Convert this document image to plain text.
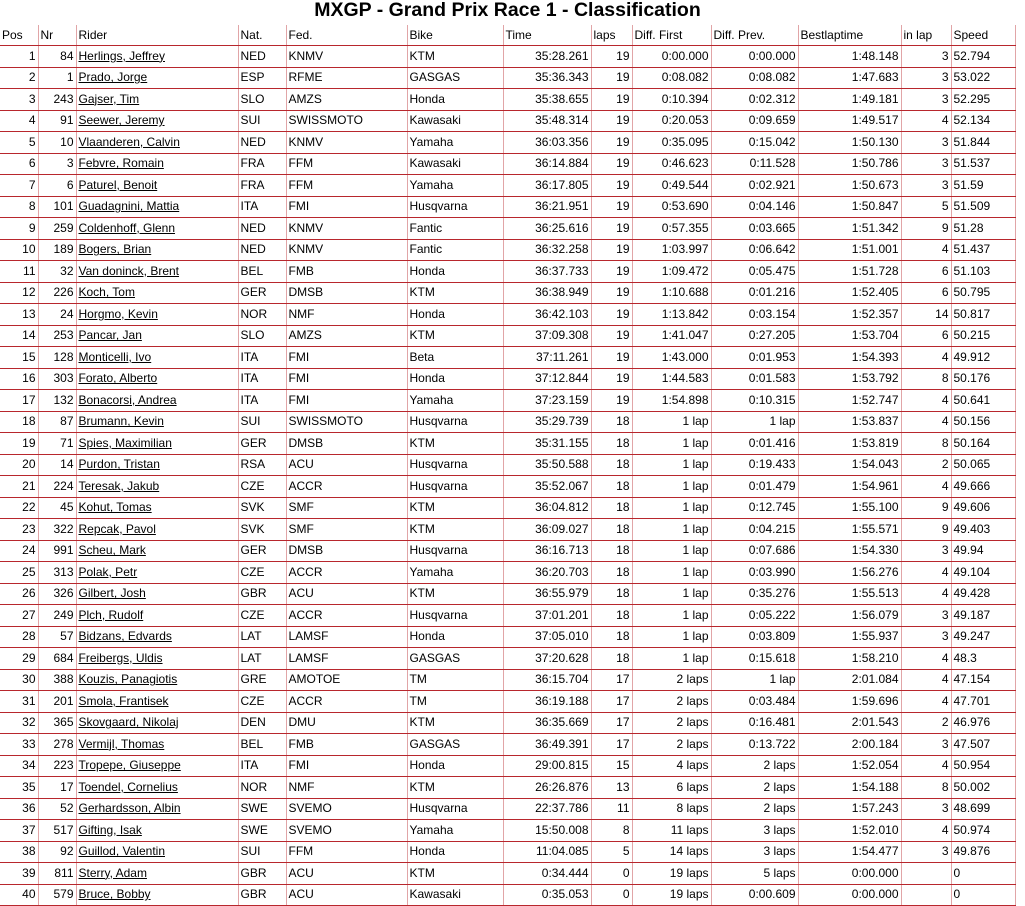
MXGP - Grand Prix Race 1 - Classification
Pos	Nr	Rider	Nat.	Fed.	Bike	Time	laps	Diff. First	Diff. Prev.	Bestlaptime	in lap	Speed
1	84	Herlings, Jeffrey	NED	KNMV	KTM	35:28.261	19	0:00.000	0:00.000	1:48.148	3	52.794
2	1	Prado, Jorge	ESP	RFME	GASGAS	35:36.343	19	0:08.082	0:08.082	1:47.683	3	53.022
3	243	Gajser, Tim	SLO	AMZS	Honda	35:38.655	19	0:10.394	0:02.312	1:49.181	3	52.295
4	91	Seewer, Jeremy	SUI	SWISSMOTO	Kawasaki	35:48.314	19	0:20.053	0:09.659	1:49.517	4	52.134
5	10	Vlaanderen, Calvin	NED	KNMV	Yamaha	36:03.356	19	0:35.095	0:15.042	1:50.130	3	51.844
6	3	Febvre, Romain	FRA	FFM	Kawasaki	36:14.884	19	0:46.623	0:11.528	1:50.786	3	51.537
7	6	Paturel, Benoit	FRA	FFM	Yamaha	36:17.805	19	0:49.544	0:02.921	1:50.673	3	51.59
8	101	Guadagnini, Mattia	ITA	FMI	Husqvarna	36:21.951	19	0:53.690	0:04.146	1:50.847	5	51.509
9	259	Coldenhoff, Glenn	NED	KNMV	Fantic	36:25.616	19	0:57.355	0:03.665	1:51.342	9	51.28
10	189	Bogers, Brian	NED	KNMV	Fantic	36:32.258	19	1:03.997	0:06.642	1:51.001	4	51.437
11	32	Van doninck, Brent	BEL	FMB	Honda	36:37.733	19	1:09.472	0:05.475	1:51.728	6	51.103
12	226	Koch, Tom	GER	DMSB	KTM	36:38.949	19	1:10.688	0:01.216	1:52.405	6	50.795
13	24	Horgmo, Kevin	NOR	NMF	Honda	36:42.103	19	1:13.842	0:03.154	1:52.357	14	50.817
14	253	Pancar, Jan	SLO	AMZS	KTM	37:09.308	19	1:41.047	0:27.205	1:53.704	6	50.215
15	128	Monticelli, Ivo	ITA	FMI	Beta	37:11.261	19	1:43.000	0:01.953	1:54.393	4	49.912
16	303	Forato, Alberto	ITA	FMI	Honda	37:12.844	19	1:44.583	0:01.583	1:53.792	8	50.176
17	132	Bonacorsi, Andrea	ITA	FMI	Yamaha	37:23.159	19	1:54.898	0:10.315	1:52.747	4	50.641
18	87	Brumann, Kevin	SUI	SWISSMOTO	Husqvarna	35:29.739	18	1 lap	1 lap	1:53.837	4	50.156
19	71	Spies, Maximilian	GER	DMSB	KTM	35:31.155	18	1 lap	0:01.416	1:53.819	8	50.164
20	14	Purdon, Tristan	RSA	ACU	Husqvarna	35:50.588	18	1 lap	0:19.433	1:54.043	2	50.065
21	224	Teresak, Jakub	CZE	ACCR	Husqvarna	35:52.067	18	1 lap	0:01.479	1:54.961	4	49.666
22	45	Kohut, Tomas	SVK	SMF	KTM	36:04.812	18	1 lap	0:12.745	1:55.100	9	49.606
23	322	Repcak, Pavol	SVK	SMF	KTM	36:09.027	18	1 lap	0:04.215	1:55.571	9	49.403
24	991	Scheu, Mark	GER	DMSB	Husqvarna	36:16.713	18	1 lap	0:07.686	1:54.330	3	49.94
25	313	Polak, Petr	CZE	ACCR	Yamaha	36:20.703	18	1 lap	0:03.990	1:56.276	4	49.104
26	326	Gilbert, Josh	GBR	ACU	KTM	36:55.979	18	1 lap	0:35.276	1:55.513	4	49.428
27	249	Plch, Rudolf	CZE	ACCR	Husqvarna	37:01.201	18	1 lap	0:05.222	1:56.079	3	49.187
28	57	Bidzans, Edvards	LAT	LAMSF	Honda	37:05.010	18	1 lap	0:03.809	1:55.937	3	49.247
29	684	Freibergs, Uldis	LAT	LAMSF	GASGAS	37:20.628	18	1 lap	0:15.618	1:58.210	4	48.3
30	388	Kouzis, Panagiotis	GRE	AMOTOE	TM	36:15.704	17	2 laps	1 lap	2:01.084	4	47.154
31	201	Smola, Frantisek	CZE	ACCR	TM	36:19.188	17	2 laps	0:03.484	1:59.696	4	47.701
32	365	Skovgaard, Nikolaj	DEN	DMU	KTM	36:35.669	17	2 laps	0:16.481	2:01.543	2	46.976
33	278	Vermijl, Thomas	BEL	FMB	GASGAS	36:49.391	17	2 laps	0:13.722	2:00.184	3	47.507
34	223	Tropepe, Giuseppe	ITA	FMI	Honda	29:00.815	15	4 laps	2 laps	1:52.054	4	50.954
35	17	Toendel, Cornelius	NOR	NMF	KTM	26:26.876	13	6 laps	2 laps	1:54.188	8	50.002
36	52	Gerhardsson, Albin	SWE	SVEMO	Husqvarna	22:37.786	11	8 laps	2 laps	1:57.243	3	48.699
37	517	Gifting, Isak	SWE	SVEMO	Yamaha	15:50.008	8	11 laps	3 laps	1:52.010	4	50.974
38	92	Guillod, Valentin	SUI	FFM	Honda	11:04.085	5	14 laps	3 laps	1:54.477	3	49.876
39	811	Sterry, Adam	GBR	ACU	KTM	0:34.444	0	19 laps	5 laps	0:00.000		0
40	579	Bruce, Bobby	GBR	ACU	Kawasaki	0:35.053	0	19 laps	0:00.609	0:00.000		0
